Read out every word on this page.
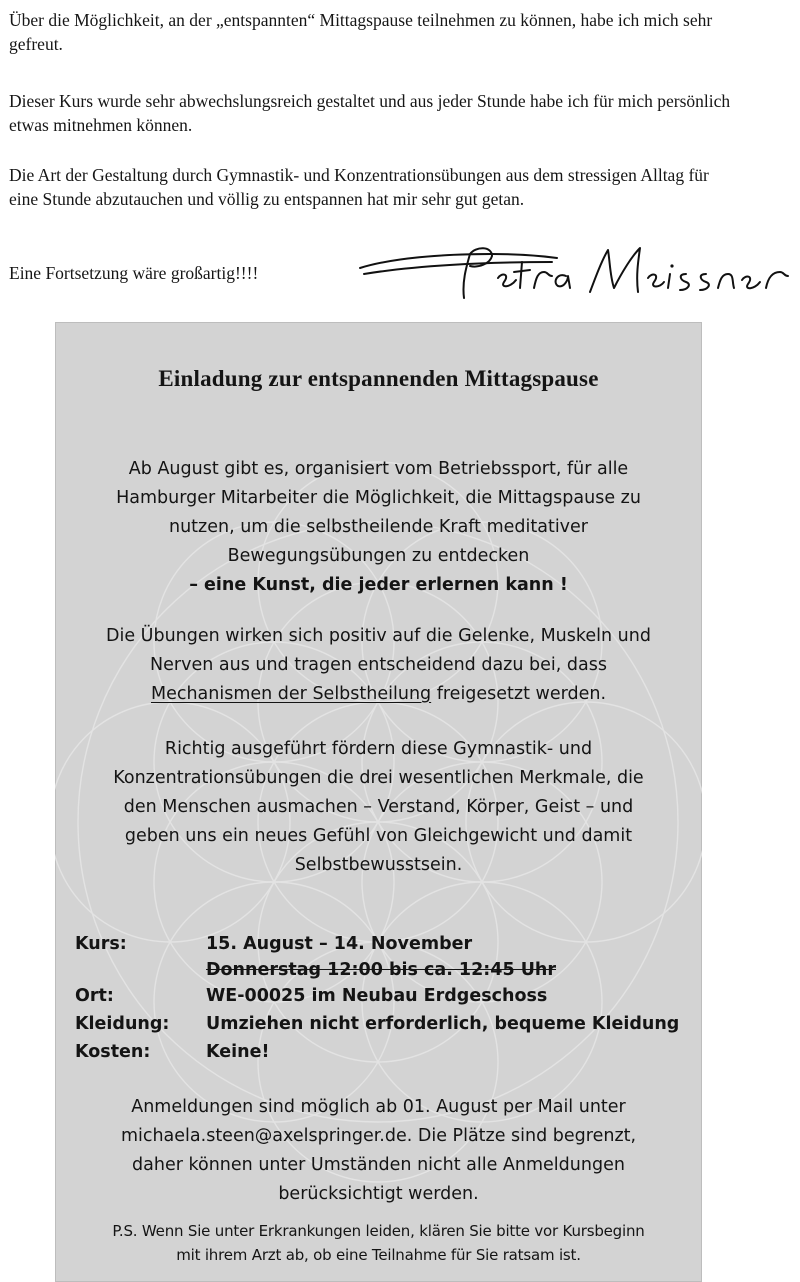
Über die Möglichkeit, an der „entspannten“ Mittagspause teilnehmen zu können, habe ich mich sehr gefreut.

Dieser Kurs wurde sehr abwechslungsreich gestaltet und aus jeder Stunde habe ich für mich persönlich etwas mitnehmen können.

Die Art der Gestaltung durch Gymnastik- und Konzentrationsübungen aus dem stressigen Alltag für eine Stunde abzutauchen und völlig zu entspannen hat mir sehr gut getan.

Eine Fortsetzung wäre großartig!!!!

Einladung zur entspannenden Mittagspause
Ab August gibt es, organisiert vom Betriebssport, für alle
Hamburger Mitarbeiter die Möglichkeit, die Mittagspause zu
nutzen, um die selbstheilende Kraft meditativer
Bewegungsübungen zu entdecken
– eine Kunst, die jeder erlernen kann !
Die Übungen wirken sich positiv auf die Gelenke, Muskeln und
Nerven aus und tragen entscheidend dazu bei, dass
Mechanismen der Selbstheilung freigesetzt werden.
Richtig ausgeführt fördern diese Gymnastik- und
Konzentrationsübungen die drei wesentlichen Merkmale, die
den Menschen ausmachen – Verstand, Körper, Geist – und
geben uns ein neues Gefühl von Gleichgewicht und damit
Selbstbewusstsein.
Kurs:	15. August – 14. November
Donnerstag 12:00 bis ca. 12:45 Uhr
Ort:	WE-00025 im Neubau Erdgeschoss
Kleidung: Umziehen nicht erforderlich, bequeme Kleidung
Kosten:	Keine!
Anmeldungen sind möglich ab 01. August per Mail unter
michaela.steen@axelspringer.de. Die Plätze sind begrenzt,
daher können unter Umständen nicht alle Anmeldungen
berücksichtigt werden.
P.S. Wenn Sie unter Erkrankungen leiden, klären Sie bitte vor Kursbeginn
mit ihrem Arzt ab, ob eine Teilnahme für Sie ratsam ist.
